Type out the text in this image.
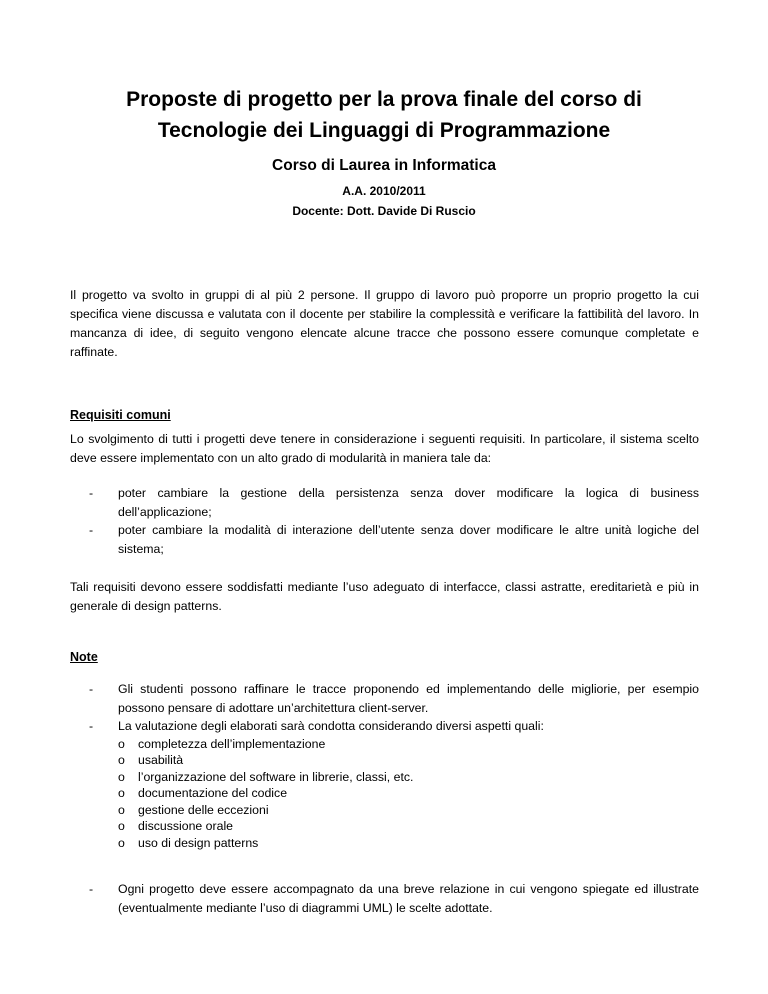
Proposte di progetto per la prova finale del corso di
Tecnologie dei Linguaggi di Programmazione
Corso di Laurea in Informatica
A.A. 2010/2011
Docente: Dott. Davide Di Ruscio

Il progetto va svolto in gruppi di al più 2 persone. Il gruppo di lavoro può proporre un proprio progetto la cui specifica viene discussa e valutata con il docente per stabilire la complessità e verificare la fattibilità del lavoro. In mancanza di idee, di seguito vengono elencate alcune tracce che possono essere comunque completate e raffinate.

Requisiti comuni

Lo svolgimento di tutti i progetti deve tenere in considerazione i seguenti requisiti. In particolare, il sistema scelto deve essere implementato con un alto grado di modularità in maniera tale da:

- poter cambiare la gestione della persistenza senza dover modificare la logica di business dell’applicazione;
- poter cambiare la modalità di interazione dell’utente senza dover modificare le altre unità logiche del sistema;

Tali requisiti devono essere soddisfatti mediante l’uso adeguato di interfacce, classi astratte, ereditarietà e più in generale di design patterns.

Note
- Gli studenti possono raffinare le tracce proponendo ed implementando delle migliorie, per esempio possono pensare di adottare un’architettura client-server.
- La valutazione degli elaborati sarà condotta considerando diversi aspetti quali:
o completezza dell’implementazione
o usabilità
o l’organizzazione del software in librerie, classi, etc.
o documentazione del codice
o gestione delle eccezioni
o discussione orale
o uso di design patterns
- Ogni progetto deve essere accompagnato da una breve relazione in cui vengono spiegate ed illustrate (eventualmente mediante l’uso di diagrammi UML) le scelte adottate.
